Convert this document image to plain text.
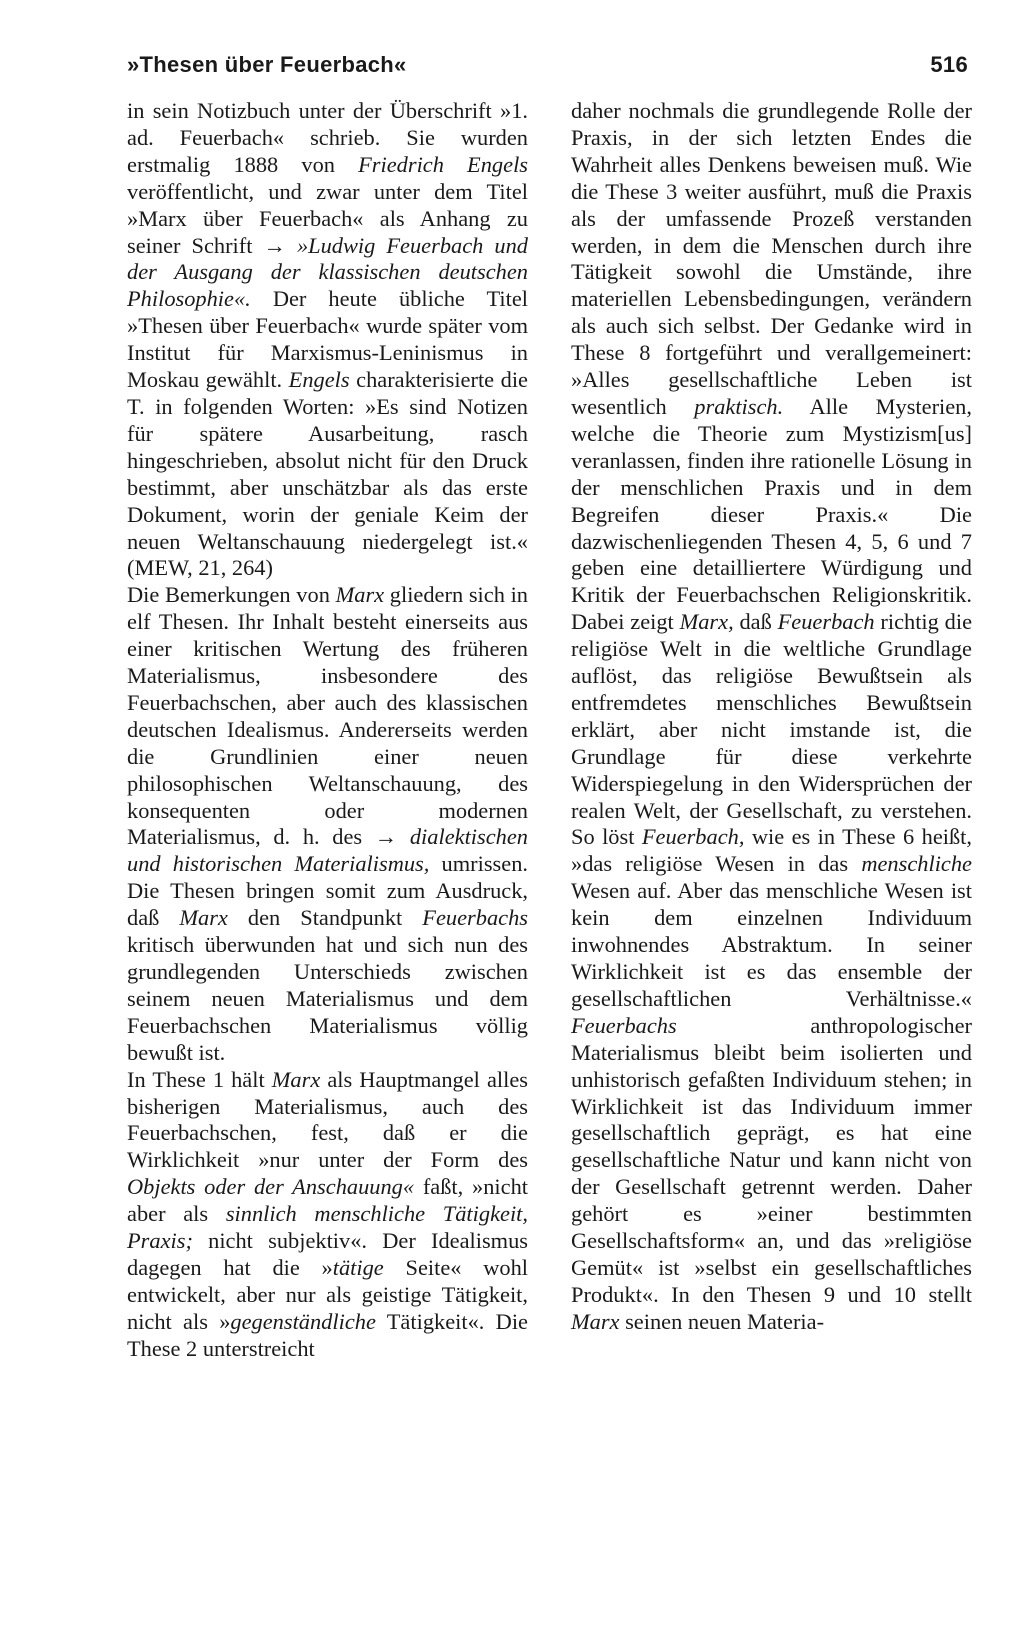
»Thesen über Feuerbach«	516

in sein Notizbuch unter der Überschrift »1. ad. Feuerbach« schrieb. Sie wurden erstmalig 1888 von Friedrich Engels veröffentlicht, und zwar unter dem Titel »Marx über Feuerbach« als Anhang zu seiner Schrift → »Ludwig Feuerbach und der Ausgang der klassischen deutschen Philosophie«. Der heute übliche Titel »Thesen über Feuerbach« wurde später vom Institut für Marxismus-Leninismus in Moskau gewählt. Engels charakterisierte die T. in folgenden Worten: »Es sind Notizen für spätere Ausarbeitung, rasch hingeschrieben, absolut nicht für den Druck bestimmt, aber unschätzbar als das erste Dokument, worin der geniale Keim der neuen Weltanschauung niedergelegt ist.« (MEW, 21, 264)

Die Bemerkungen von Marx gliedern sich in elf Thesen. Ihr Inhalt besteht einerseits aus einer kritischen Wertung des früheren Materialismus, insbesondere des Feuerbachschen, aber auch des klassischen deutschen Idealismus. Andererseits werden die Grundlinien einer neuen philosophischen Weltanschauung, des konsequenten oder modernen Materialismus, d. h. des → dialektischen und historischen Materialismus, umrissen. Die Thesen bringen somit zum Ausdruck, daß Marx den Standpunkt Feuerbachs kritisch überwunden hat und sich nun des grundlegenden Unterschieds zwischen seinem neuen Materialismus und dem Feuerbachschen Materialismus völlig bewußt ist.

In These 1 hält Marx als Hauptmangel alles bisherigen Materialismus, auch des Feuerbachschen, fest, daß er die Wirklichkeit »nur unter der Form des Objekts oder der Anschauung« faßt, »nicht aber als sinnlich menschliche Tätigkeit, Praxis; nicht subjektiv«. Der Idealismus dagegen hat die »tätige Seite« wohl entwickelt, aber nur als geistige Tätigkeit, nicht als »gegenständliche Tätigkeit«. Die These 2 unterstreicht

daher nochmals die grundlegende Rolle der Praxis, in der sich letzten Endes die Wahrheit alles Denkens beweisen muß. Wie die These 3 weiter ausführt, muß die Praxis als der umfassende Prozeß verstanden werden, in dem die Menschen durch ihre Tätigkeit sowohl die Umstände, ihre materiellen Lebensbedingungen, verändern als auch sich selbst. Der Gedanke wird in These 8 fortgeführt und verallgemeinert: »Alles gesellschaftliche Leben ist wesentlich praktisch. Alle Mysterien, welche die Theorie zum Mystizism[us] veranlassen, finden ihre rationelle Lösung in der menschlichen Praxis und in dem Begreifen dieser Praxis.« Die dazwischenliegenden Thesen 4, 5, 6 und 7 geben eine detailliertere Würdigung und Kritik der Feuerbachschen Religionskritik. Dabei zeigt Marx, daß Feuerbach richtig die religiöse Welt in die weltliche Grundlage auflöst, das religiöse Bewußtsein als entfremdetes menschliches Bewußtsein erklärt, aber nicht imstande ist, die Grundlage für diese verkehrte Widerspiegelung in den Widersprüchen der realen Welt, der Gesellschaft, zu verstehen. So löst Feuerbach, wie es in These 6 heißt, »das religiöse Wesen in das menschliche Wesen auf. Aber das menschliche Wesen ist kein dem einzelnen Individuum inwohnendes Abstraktum. In seiner Wirklichkeit ist es das ensemble der gesellschaftlichen Verhältnisse.« Feuerbachs anthropologischer Materialismus bleibt beim isolierten und unhistorisch gefaßten Individuum stehen; in Wirklichkeit ist das Individuum immer gesellschaftlich geprägt, es hat eine gesellschaftliche Natur und kann nicht von der Gesellschaft getrennt werden. Daher gehört es »einer bestimmten Gesellschaftsform« an, und das »religiöse Gemüt« ist »selbst ein gesellschaftliches Produkt«. In den Thesen 9 und 10 stellt Marx seinen neuen Materia-
